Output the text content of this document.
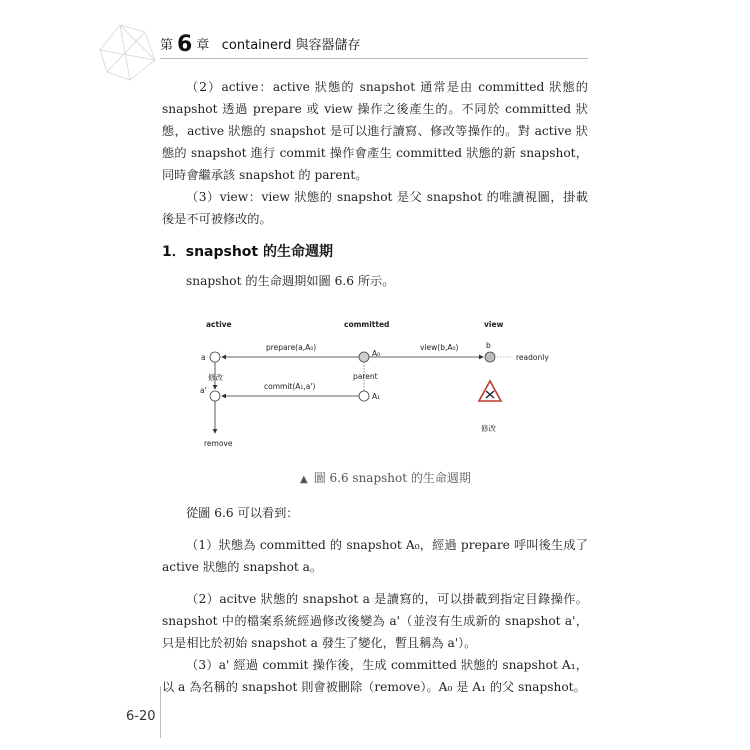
第 6 章 containerd 與容器儲存
（2）active：active 狀態的 snapshot 通常是由 committed 狀態的 snapshot 透過 prepare 或 view 操作之後產生的。不同於 committed 狀態，active 狀態的 snapshot 是可以進行讀寫、修改等操作的。對 active 狀態的 snapshot 進行 commit 操作會產生 committed 狀態的新 snapshot，同時會繼承該 snapshot 的 parent。
（3）view：view 狀態的 snapshot 是父 snapshot 的唯讀視圖，掛載後是不可被修改的。
1．snapshot 的生命週期
snapshot 的生命週期如圖 6.6 所示。
active	committed	view
a
a'
A₀
A₁
b
readonly
prepare(a,A₀)	view(b,A₀)
commit(A₁,a')
修改	parent
remove
修改
▲ 圖 6.6 snapshot 的生命週期
從圖 6.6 可以看到：
（1）狀態為 committed 的 snapshot A₀，經過 prepare 呼叫後生成了 active 狀態的 snapshot a。
（2）acitve 狀態的 snapshot a 是讀寫的，可以掛載到指定目錄操作。snapshot 中的檔案系統經過修改後變為 a'（並沒有生成新的 snapshot a'，只是相比於初始 snapshot a 發生了變化，暫且稱為 a'）。
（3）a' 經過 commit 操作後，生成 committed 狀態的 snapshot A₁，以 a 為名稱的 snapshot 則會被刪除（remove）。A₀ 是 A₁ 的父 snapshot。
6-20
